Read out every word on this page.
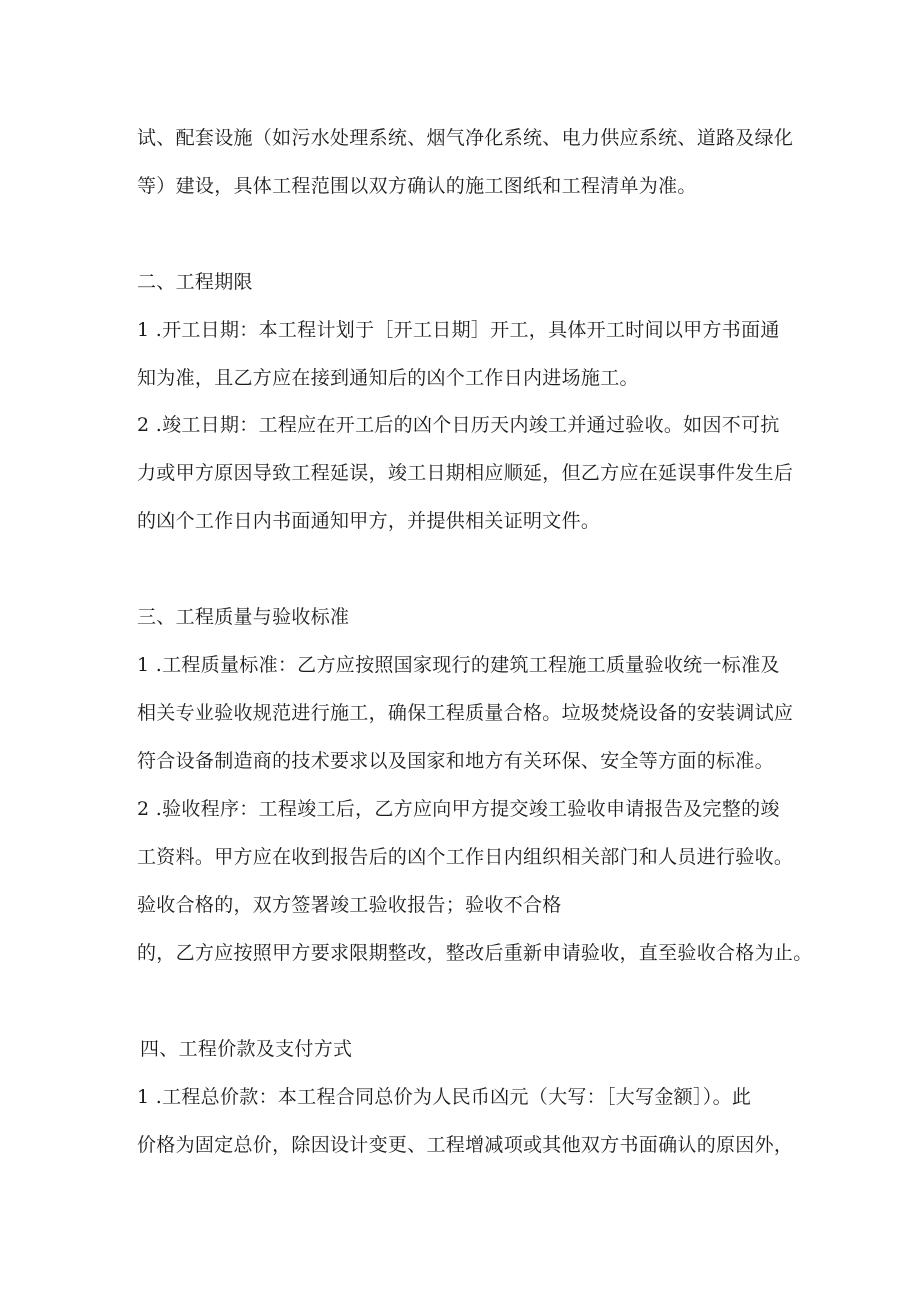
试、配套设施（如污水处理系统、烟气净化系统、电力供应系统、道路及绿化
等）建设，具体工程范围以双方确认的施工图纸和工程清单为准。
二、工程期限
1 .开工日期：本工程计划于［开工日期］开工，具体开工时间以甲方书面通
知为准，且乙方应在接到通知后的凶个工作日内进场施工。
2 .竣工日期：工程应在开工后的凶个日历天内竣工并通过验收。如因不可抗
力或甲方原因导致工程延误，竣工日期相应顺延，但乙方应在延误事件发生后
的凶个工作日内书面通知甲方，并提供相关证明文件。
三、工程质量与验收标准
1 .工程质量标准：乙方应按照国家现行的建筑工程施工质量验收统一标准及
相关专业验收规范进行施工，确保工程质量合格。垃圾焚烧设备的安装调试应
符合设备制造商的技术要求以及国家和地方有关环保、安全等方面的标准。
2 .验收程序：工程竣工后，乙方应向甲方提交竣工验收申请报告及完整的竣
工资料。甲方应在收到报告后的凶个工作日内组织相关部门和人员进行验收。
验收合格的，双方签署竣工验收报告；验收不合格
的，乙方应按照甲方要求限期整改，整改后重新申请验收，直至验收合格为止。
四、工程价款及支付方式
1 .工程总价款：本工程合同总价为人民币凶元（大写：［大写金额］）。此
价格为固定总价，除因设计变更、工程增减项或其他双方书面确认的原因外，
